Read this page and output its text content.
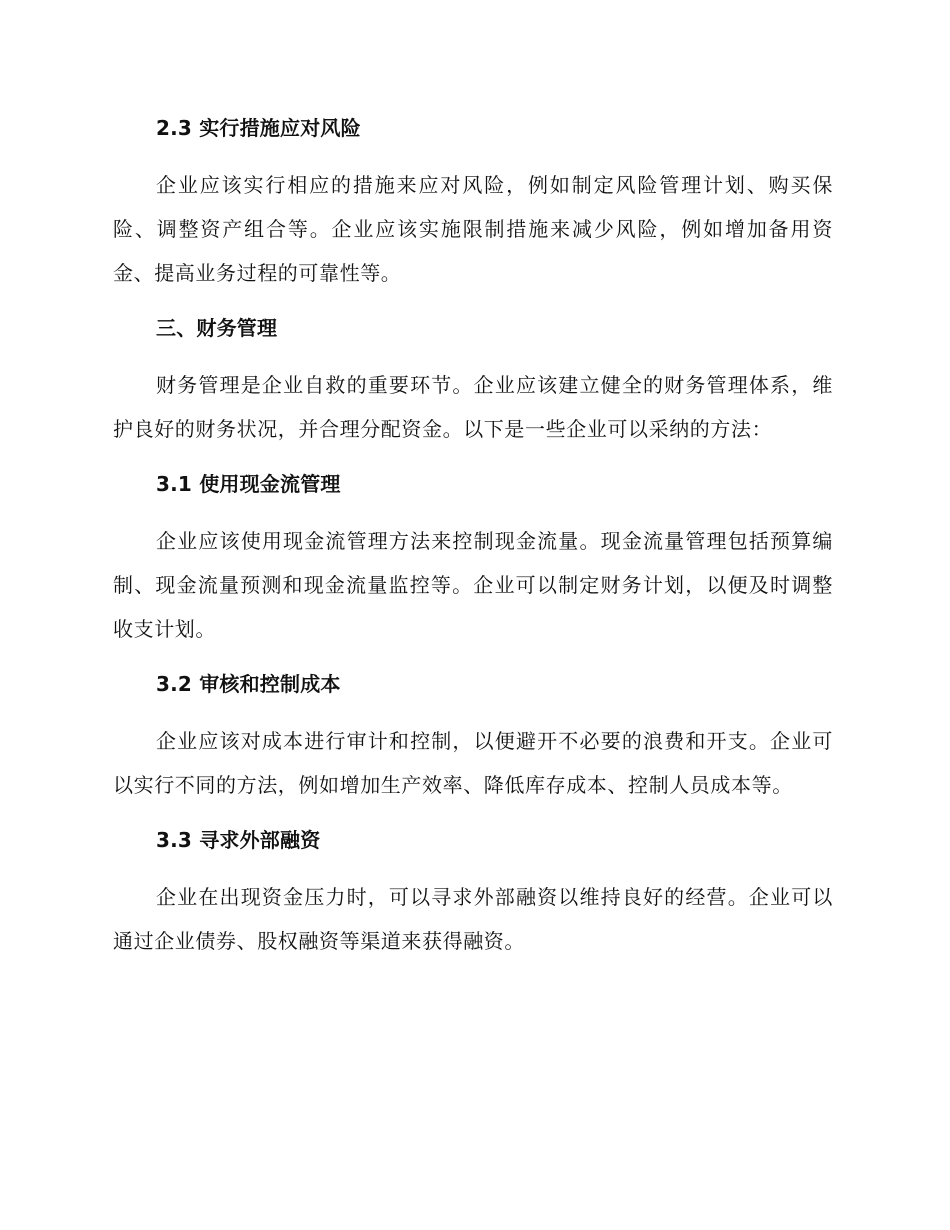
2.3 实行措施应对风险

企业应该实行相应的措施来应对风险，例如制定风险管理计划、购买保险、调整资产组合等。企业应该实施限制措施来减少风险，例如增加备用资金、提高业务过程的可靠性等。

三、财务管理

财务管理是企业自救的重要环节。企业应该建立健全的财务管理体系，维护良好的财务状况，并合理分配资金。以下是一些企业可以采纳的方法：

3.1 使用现金流管理

企业应该使用现金流管理方法来控制现金流量。现金流量管理包括预算编制、现金流量预测和现金流量监控等。企业可以制定财务计划，以便及时调整收支计划。

3.2 审核和控制成本

企业应该对成本进行审计和控制，以便避开不必要的浪费和开支。企业可以实行不同的方法，例如增加生产效率、降低库存成本、控制人员成本等。

3.3 寻求外部融资

企业在出现资金压力时，可以寻求外部融资以维持良好的经营。企业可以通过企业债券、股权融资等渠道来获得融资。
